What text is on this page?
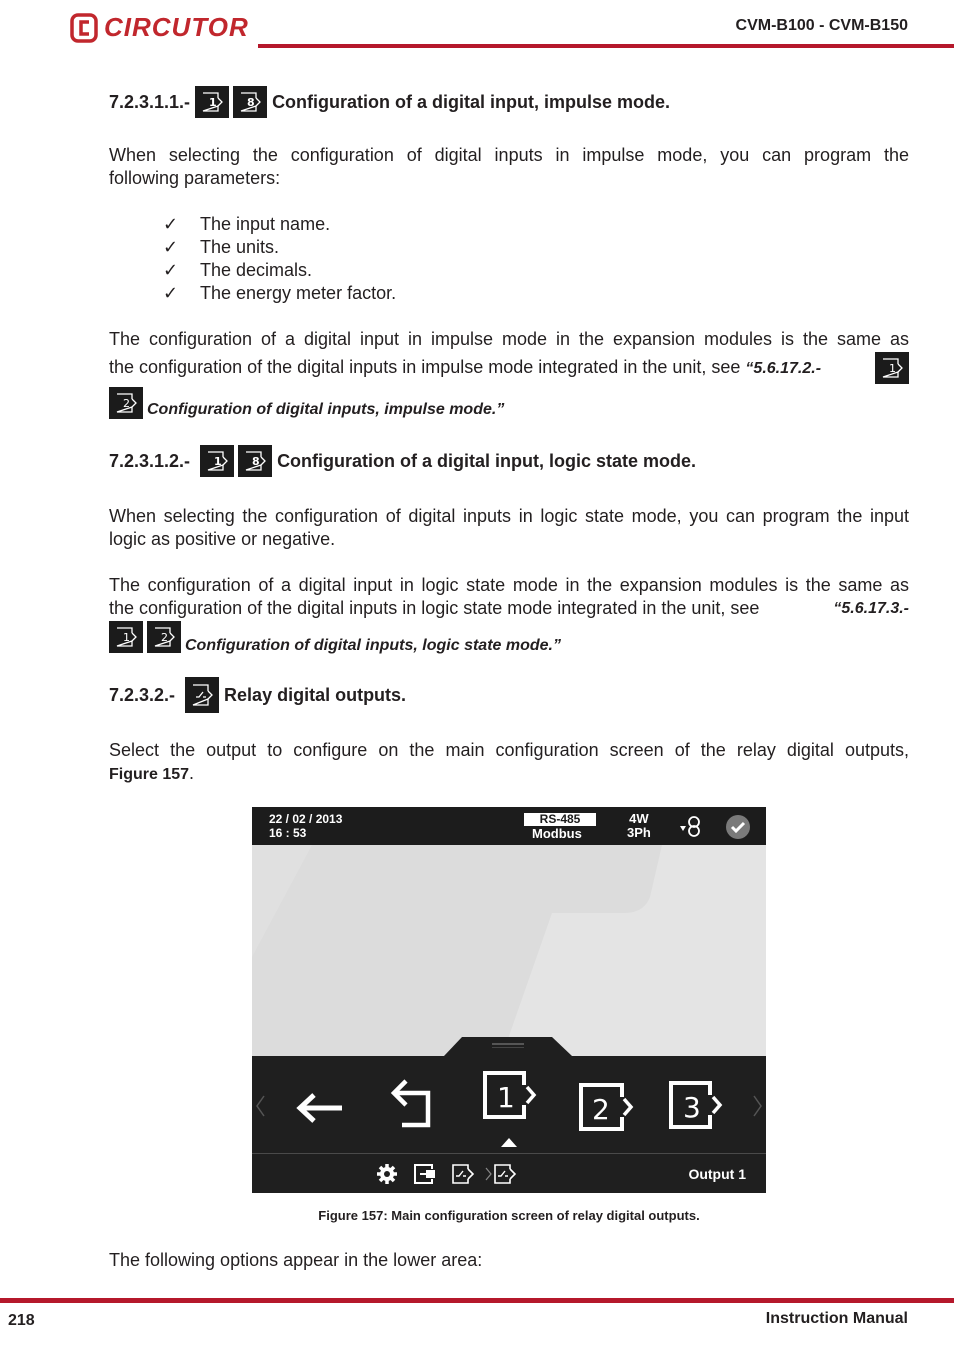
CIRCUTOR	CVM-B100 - CVM-B150
7.2.3.1.1.- 1	8 Configuration of a digital input, impulse mode.
When selecting the configuration of digital inputs in impulse mode, you can program the
following parameters:
✓	The input name.
✓	The units.
✓	The decimals.
✓	The energy meter factor.
The configuration of a digital input in impulse mode in the expansion modules is the same as
the configuration of the digital inputs in impulse mode integrated in the unit, see “5.6.17.2.-	1
2 Configuration of digital inputs, impulse mode.”
7.2.3.1.2.- 1	8 Configuration of a digital input, logic state mode.
When selecting the configuration of digital inputs in logic state mode, you can program the input
logic as positive or negative.
The configuration of a digital input in logic state mode in the expansion modules is the same as
the configuration of the digital inputs in logic state mode integrated in the unit, see	“5.6.17.3.-
1	2 Configuration of digital inputs, logic state mode.”
7.2.3.2.-	Relay digital outputs.
Select the output to configure on the main configuration screen of the relay digital outputs,
Figure 157.
22 / 02 / 2013
16 : 53
RS-485
Modbus
4W
3Ph
1	2	3
Output 1
Figure 157: Main configuration screen of relay digital outputs.
The following options appear in the lower area:
218	Instruction Manual
